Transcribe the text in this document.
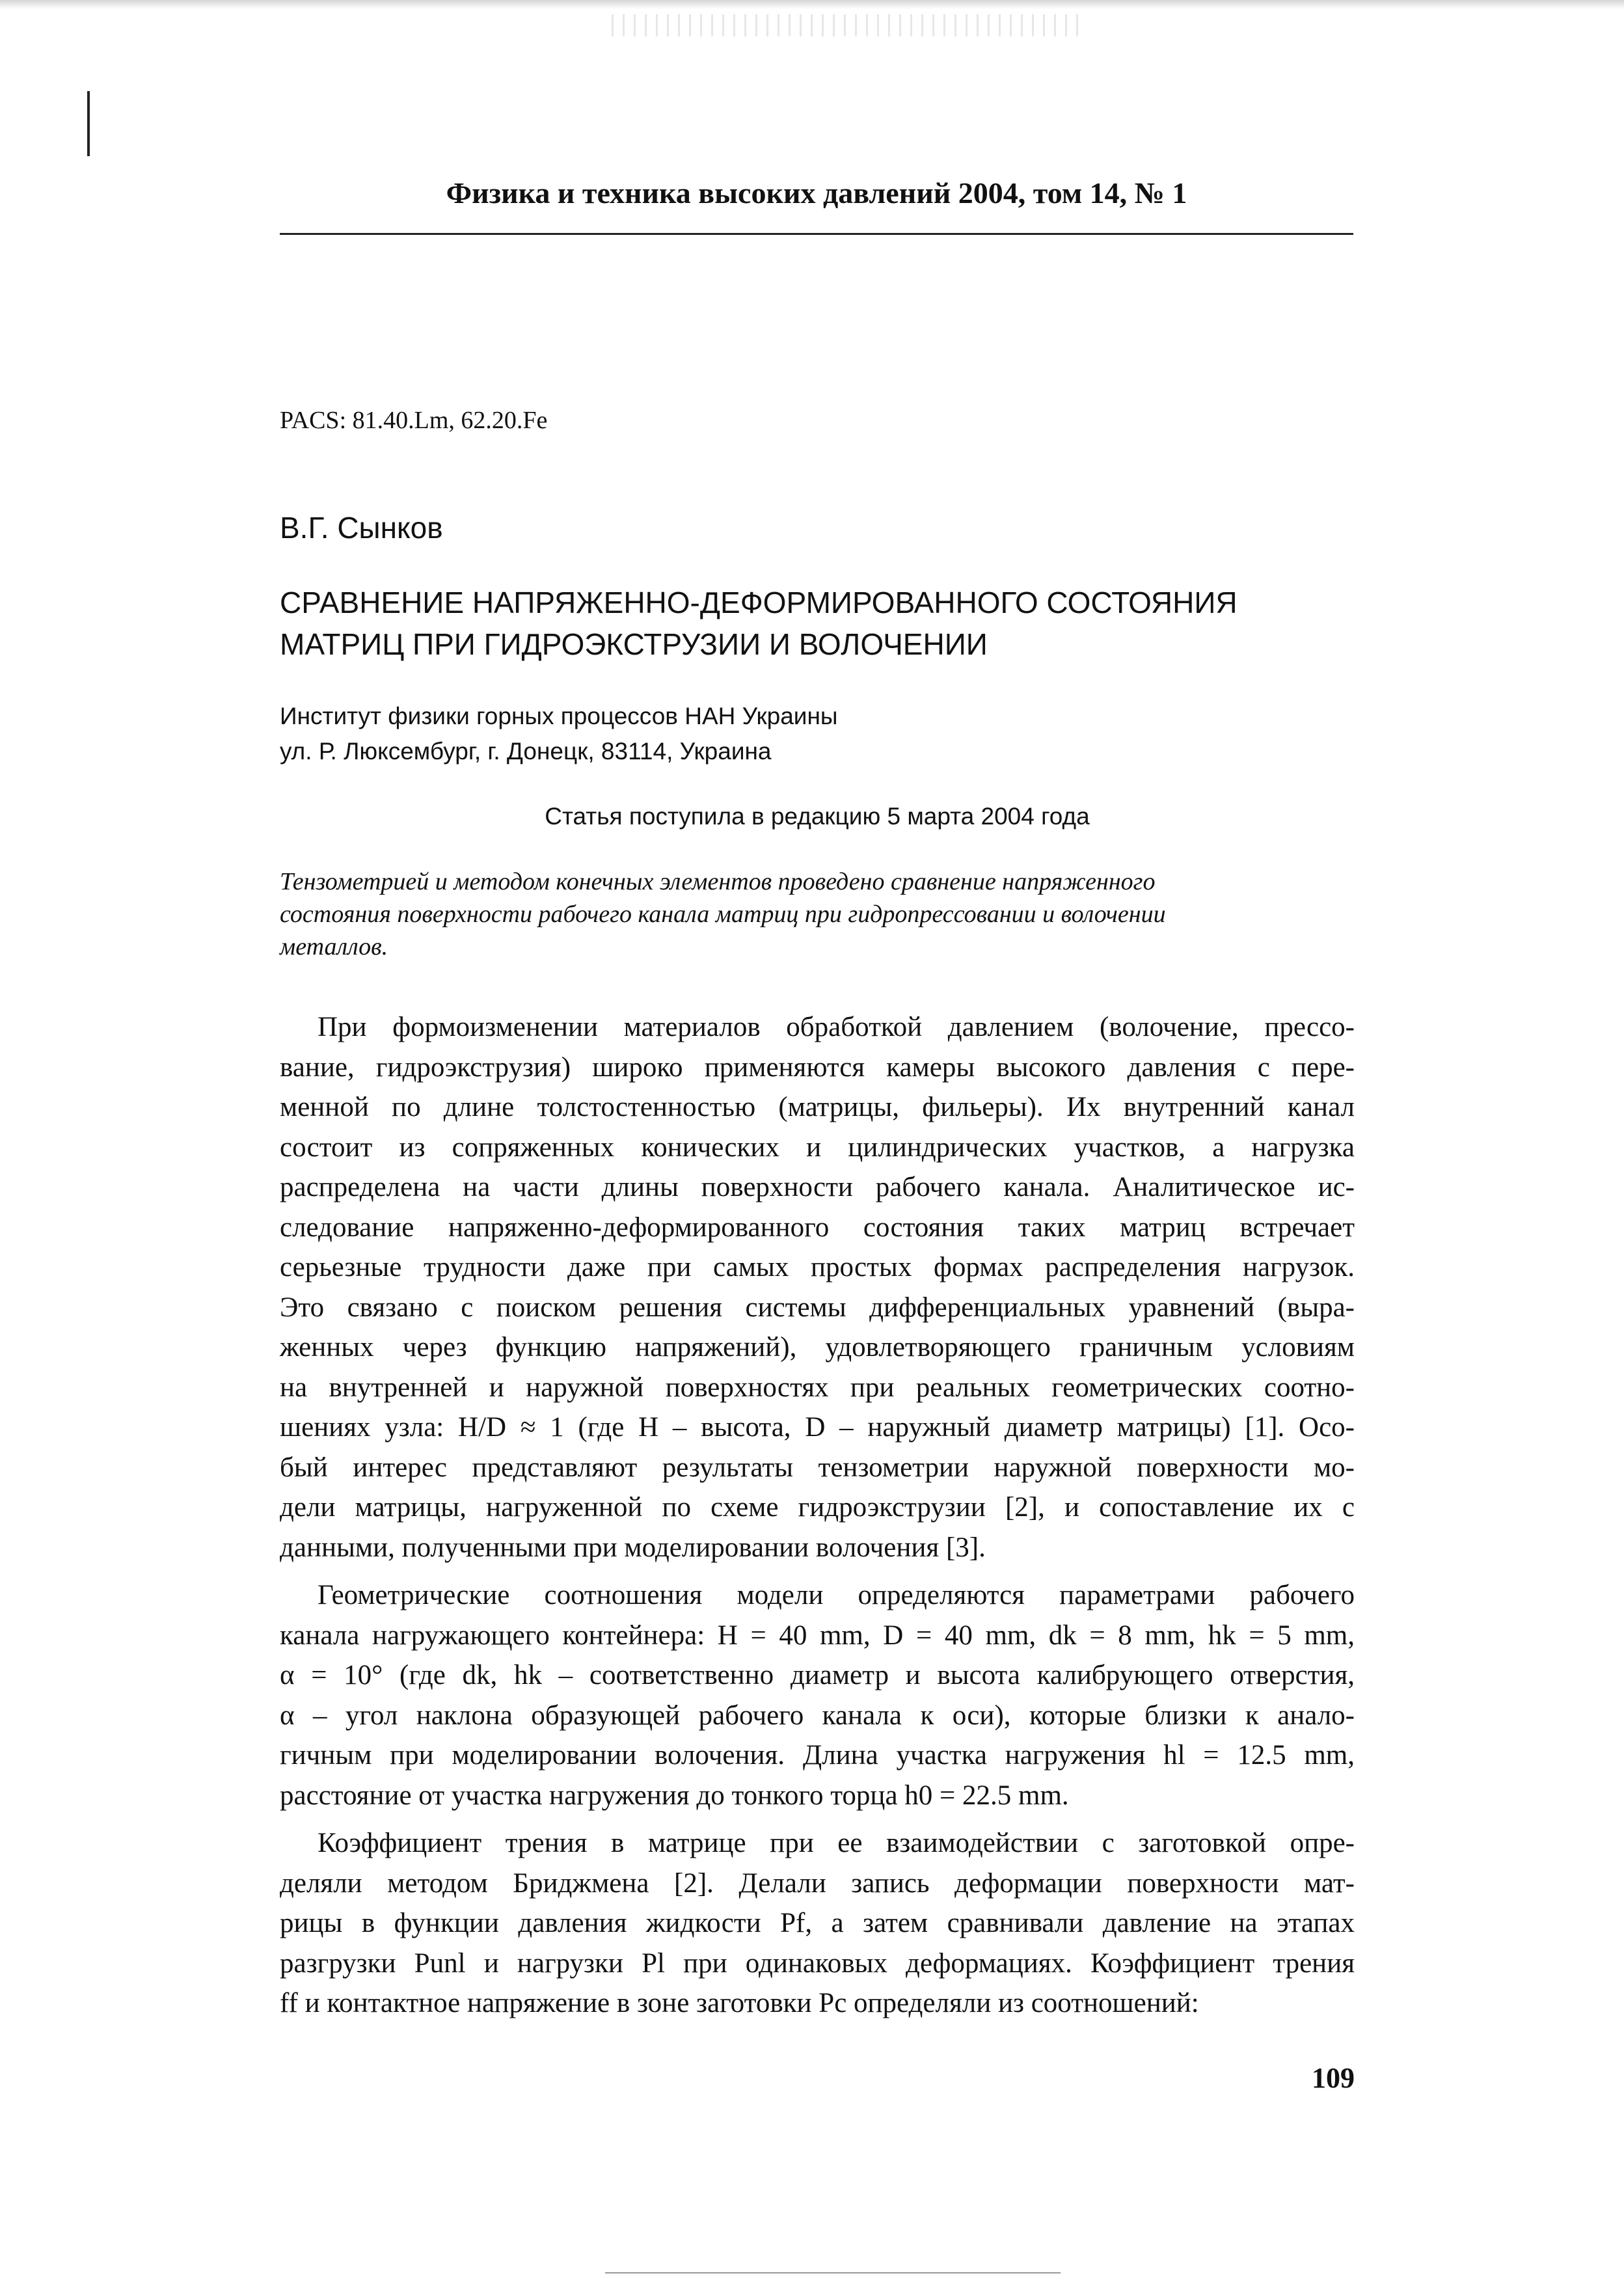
Физика и техника высоких давлений 2004, том 14, № 1
PACS: 81.40.Lm, 62.20.Fe
В.Г. Сынков
СРАВНЕНИЕ НАПРЯЖЕННО-ДЕФОРМИРОВАННОГО СОСТОЯНИЯ
МАТРИЦ ПРИ ГИДРОЭКСТРУЗИИ И ВОЛОЧЕНИИ
Институт физики горных процессов НАН Украины
ул. Р. Люксембург, г. Донецк, 83114, Украина
Статья поступила в редакцию 5 марта 2004 года
Тензометрией и методом конечных элементов проведено сравнение напряженного
состояния поверхности рабочего канала матриц при гидропрессовании и волочении
металлов.
При формоизменении материалов обработкой давлением (волочение, прессо-
вание, гидроэкструзия) широко применяются камеры высокого давления с пере-
менной по длине толстостенностью (матрицы, фильеры). Их внутренний канал
состоит из сопряженных конических и цилиндрических участков, а нагрузка
распределена на части длины поверхности рабочего канала. Аналитическое ис-
следование напряженно-деформированного состояния таких матриц встречает
серьезные трудности даже при самых простых формах распределения нагрузок.
Это связано с поиском решения системы дифференциальных уравнений (выра-
женных через функцию напряжений), удовлетворяющего граничным условиям
на внутренней и наружной поверхностях при реальных геометрических соотно-
шениях узла: H/D ≈ 1 (где H – высота, D – наружный диаметр матрицы) [1]. Осо-
бый интерес представляют результаты тензометрии наружной поверхности мо-
дели матрицы, нагруженной по схеме гидроэкструзии [2], и сопоставление их с
данными, полученными при моделировании волочения [3].
Геометрические соотношения модели определяются параметрами рабочего
канала нагружающего контейнера: H = 40 mm, D = 40 mm, dk = 8 mm, hk = 5 mm,
α = 10° (где dk, hk – соответственно диаметр и высота калибрующего отверстия,
α – угол наклона образующей рабочего канала к оси), которые близки к анало-
гичным при моделировании волочения. Длина участка нагружения hl = 12.5 mm,
расстояние от участка нагружения до тонкого торца h0 = 22.5 mm.
Коэффициент трения в матрице при ее взаимодействии с заготовкой опре-
деляли методом Бриджмена [2]. Делали запись деформации поверхности мат-
рицы в функции давления жидкости Pf, а затем сравнивали давление на этапах
разгрузки Punl и нагрузки Pl при одинаковых деформациях. Коэффициент трения
ff и контактное напряжение в зоне заготовки Pc определяли из соотношений:
109
